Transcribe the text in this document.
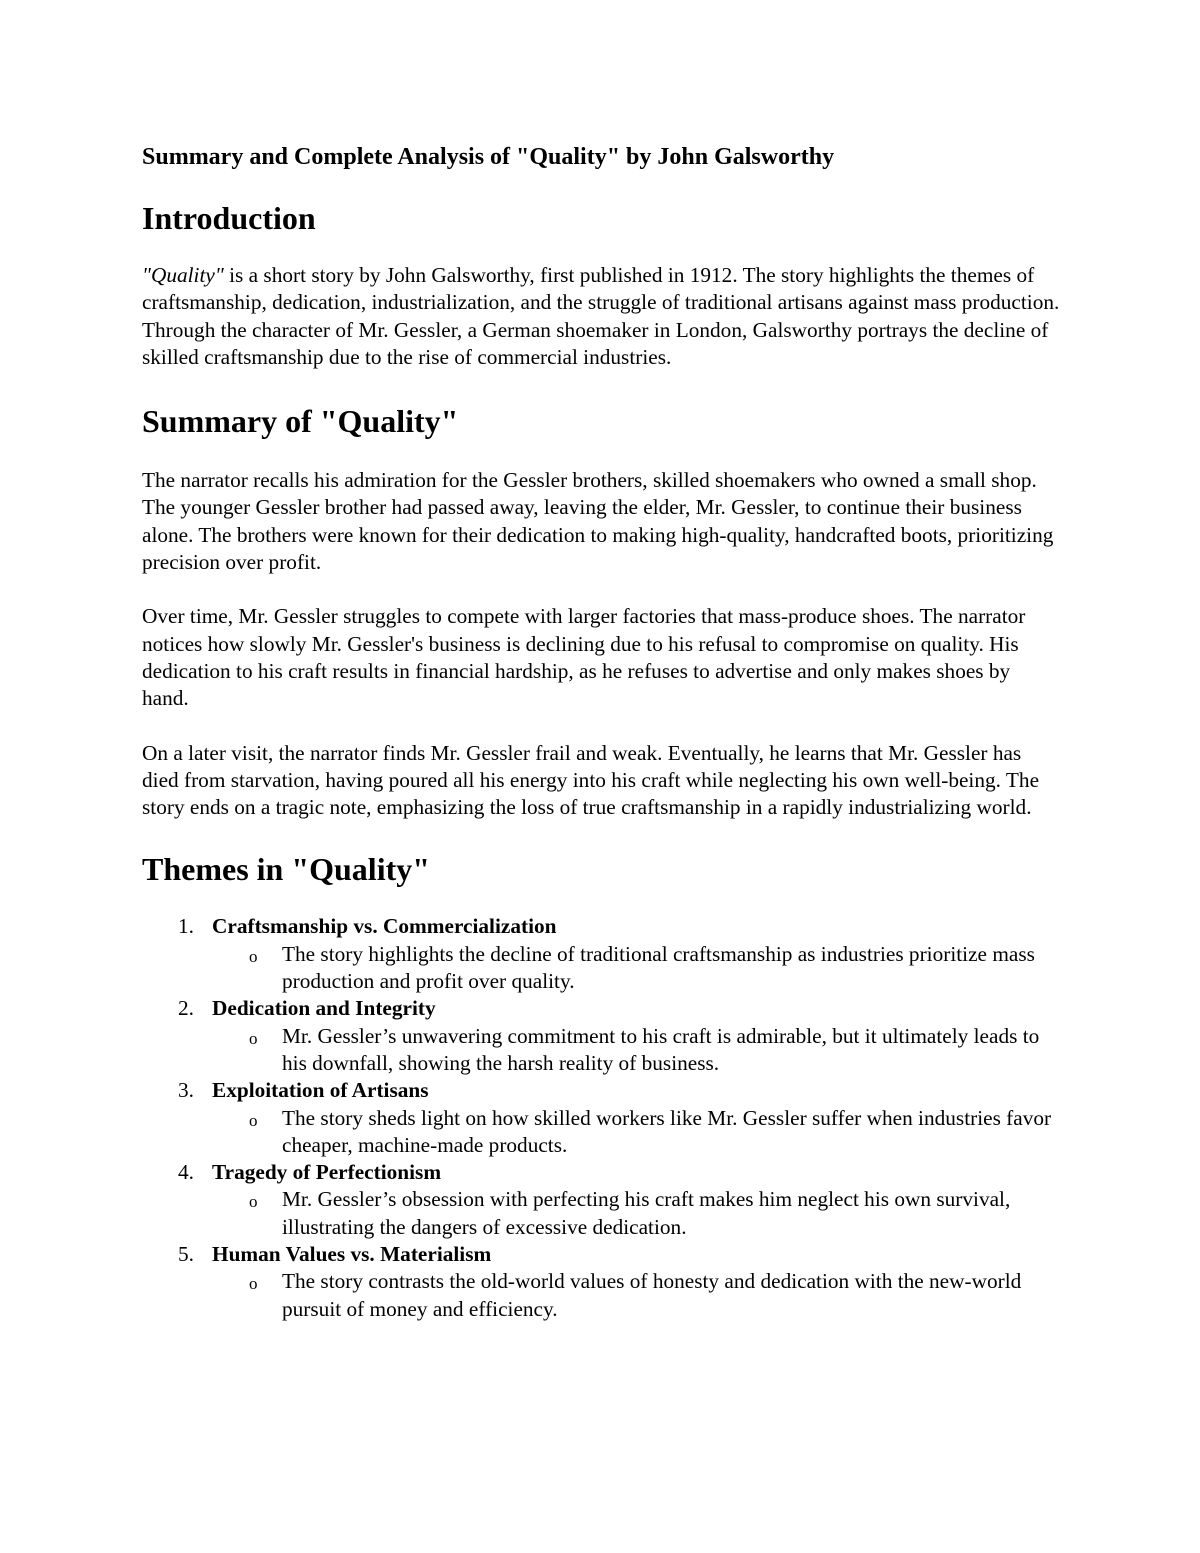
Summary and Complete Analysis of "Quality" by John Galsworthy
Introduction

"Quality" is a short story by John Galsworthy, first published in 1912. The story highlights the themes of craftsmanship, dedication, industrialization, and the struggle of traditional artisans against mass production. Through the character of Mr. Gessler, a German shoemaker in London, Galsworthy portrays the decline of skilled craftsmanship due to the rise of commercial industries.

Summary of "Quality"

The narrator recalls his admiration for the Gessler brothers, skilled shoemakers who owned a small shop. The younger Gessler brother had passed away, leaving the elder, Mr. Gessler, to continue their business alone. The brothers were known for their dedication to making high-quality, handcrafted boots, prioritizing precision over profit.

Over time, Mr. Gessler struggles to compete with larger factories that mass-produce shoes. The narrator notices how slowly Mr. Gessler's business is declining due to his refusal to compromise on quality. His dedication to his craft results in financial hardship, as he refuses to advertise and only makes shoes by hand.

On a later visit, the narrator finds Mr. Gessler frail and weak. Eventually, he learns that Mr. Gessler has died from starvation, having poured all his energy into his craft while neglecting his own well-being. The story ends on a tragic note, emphasizing the loss of true craftsmanship in a rapidly industrializing world.

Themes in "Quality"
1. Craftsmanship vs. Commercialization
o	The story highlights the decline of traditional craftsmanship as industries prioritize mass production and profit over quality.
2. Dedication and Integrity
o	Mr. Gessler’s unwavering commitment to his craft is admirable, but it ultimately leads to his downfall, showing the harsh reality of business.
3. Exploitation of Artisans
o	The story sheds light on how skilled workers like Mr. Gessler suffer when industries favor cheaper, machine-made products.
4. Tragedy of Perfectionism
o	Mr. Gessler’s obsession with perfecting his craft makes him neglect his own survival, illustrating the dangers of excessive dedication.
5. Human Values vs. Materialism
o	The story contrasts the old-world values of honesty and dedication with the new-world pursuit of money and efficiency.
